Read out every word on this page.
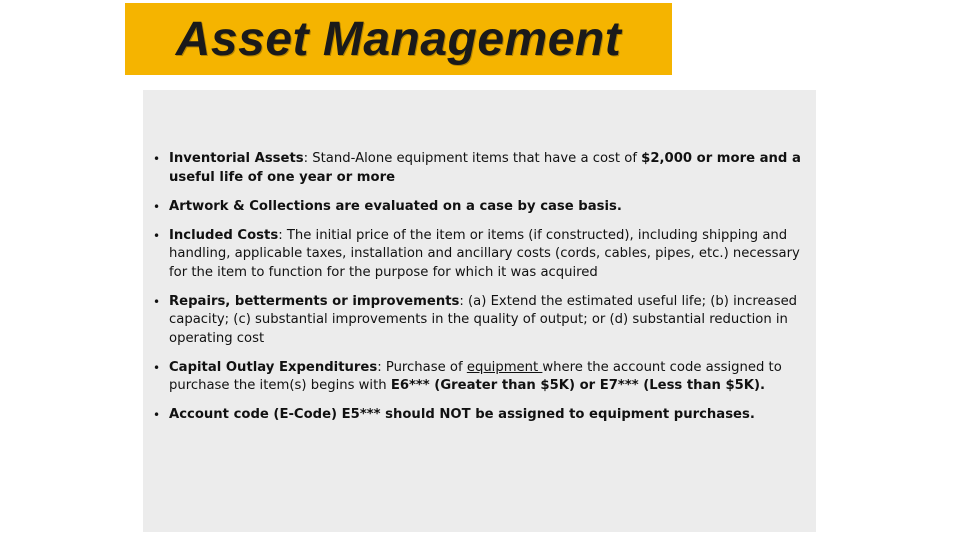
Asset Management
• Inventorial Assets: Stand-Alone equipment items that have a cost of $2,000 or more and a useful life of one year or more
• Artwork & Collections are evaluated on a case by case basis.
• Included Costs: The initial price of the item or items (if constructed), including shipping and handling, applicable taxes, installation and ancillary costs (cords, cables, pipes, etc.) necessary for the item to function for the purpose for which it was acquired
• Repairs, betterments or improvements: (a) Extend the estimated useful life; (b) increased capacity; (c) substantial improvements in the quality of output; or (d) substantial reduction in operating cost
• Capital Outlay Expenditures: Purchase of equipment where the account code assigned to purchase the item(s) begins with E6*** (Greater than $5K) or E7*** (Less than $5K).
• Account code (E-Code) E5*** should NOT be assigned to equipment purchases.
